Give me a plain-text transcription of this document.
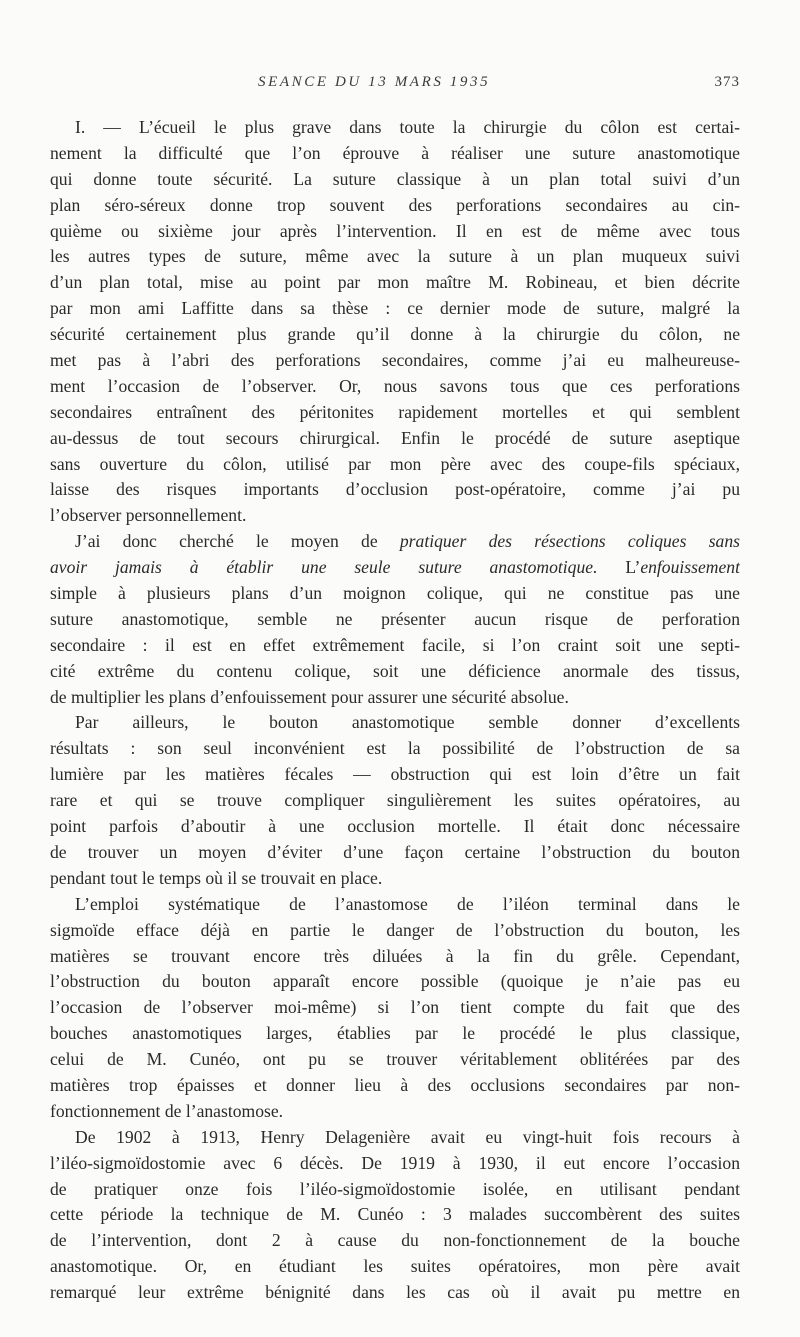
SEANCE DU 13 MARS 1935	373
I. — L’écueil le plus grave dans toute la chirurgie du côlon est certai-
nement la difficulté que l’on éprouve à réaliser une suture anastomotique
qui donne toute sécurité. La suture classique à un plan total suivi d’un
plan séro-séreux donne trop souvent des perforations secondaires au cin-
quième ou sixième jour après l’intervention. Il en est de même avec tous
les autres types de suture, même avec la suture à un plan muqueux suivi
d’un plan total, mise au point par mon maître M. Robineau, et bien décrite
par mon ami Laffitte dans sa thèse : ce dernier mode de suture, malgré la
sécurité certainement plus grande qu’il donne à la chirurgie du côlon, ne
met pas à l’abri des perforations secondaires, comme j’ai eu malheureuse-
ment l’occasion de l’observer. Or, nous savons tous que ces perforations
secondaires entraînent des péritonites rapidement mortelles et qui semblent
au-dessus de tout secours chirurgical. Enfin le procédé de suture aseptique
sans ouverture du côlon, utilisé par mon père avec des coupe-fils spéciaux,
laisse des risques importants d’occlusion post-opératoire, comme j’ai pu
l’observer personnellement.
J’ai donc cherché le moyen de pratiquer des résections coliques sans
avoir jamais à établir une seule suture anastomotique. L’enfouissement
simple à plusieurs plans d’un moignon colique, qui ne constitue pas une
suture anastomotique, semble ne présenter aucun risque de perforation
secondaire : il est en effet extrêmement facile, si l’on craint soit une septi-
cité extrême du contenu colique, soit une déficience anormale des tissus,
de multiplier les plans d’enfouissement pour assurer une sécurité absolue.
Par ailleurs, le bouton anastomotique semble donner d’excellents
résultats : son seul inconvénient est la possibilité de l’obstruction de sa
lumière par les matières fécales — obstruction qui est loin d’être un fait
rare et qui se trouve compliquer singulièrement les suites opératoires, au
point parfois d’aboutir à une occlusion mortelle. Il était donc nécessaire
de trouver un moyen d’éviter d’une façon certaine l’obstruction du bouton
pendant tout le temps où il se trouvait en place.
L’emploi systématique de l’anastomose de l’iléon terminal dans le
sigmoïde efface déjà en partie le danger de l’obstruction du bouton, les
matières se trouvant encore très diluées à la fin du grêle. Cependant,
l’obstruction du bouton apparaît encore possible (quoique je n’aie pas eu
l’occasion de l’observer moi-même) si l’on tient compte du fait que des
bouches anastomotiques larges, établies par le procédé le plus classique,
celui de M. Cunéo, ont pu se trouver véritablement oblitérées par des
matières trop épaisses et donner lieu à des occlusions secondaires par non-
fonctionnement de l’anastomose.
De 1902 à 1913, Henry Delagenière avait eu vingt-huit fois recours à
l’iléo-sigmoïdostomie avec 6 décès. De 1919 à 1930, il eut encore l’occasion
de pratiquer onze fois l’iléo-sigmoïdostomie isolée, en utilisant pendant
cette période la technique de M. Cunéo : 3 malades succombèrent des suites
de l’intervention, dont 2 à cause du non-fonctionnement de la bouche
anastomotique. Or, en étudiant les suites opératoires, mon père avait
remarqué leur extrême bénignité dans les cas où il avait pu mettre en
